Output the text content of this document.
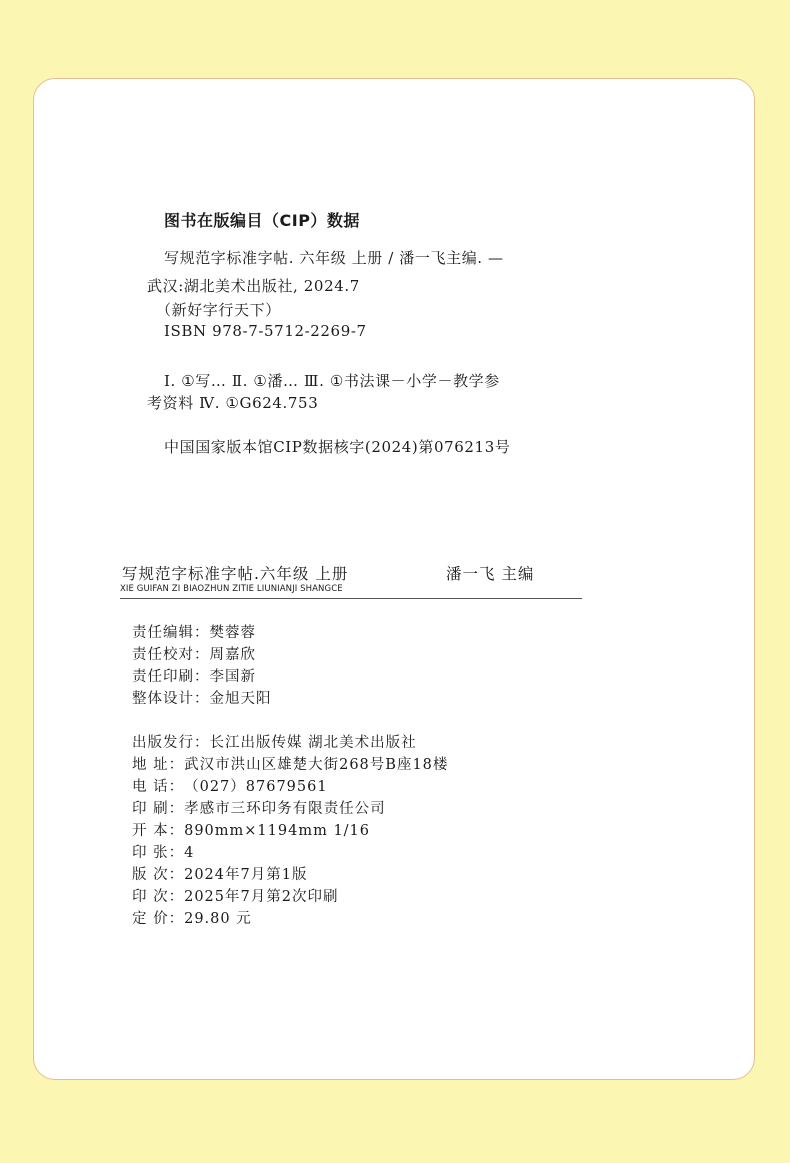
图书在版编目（CIP）数据
写规范字标准字帖. 六年级 上册 / 潘一飞主编. —
武汉:湖北美术出版社, 2024.7
（新好字行天下）
ISBN 978-7-5712-2269-7
Ⅰ. ①写… Ⅱ. ①潘… Ⅲ. ①书法课－小学－教学参
考资料 Ⅳ. ①G624.753
中国国家版本馆CIP数据核字(2024)第076213号
写规范字标准字帖.六年级 上册	潘一飞 主编
XIE GUIFAN ZI BIAOZHUN ZITIE LIUNIANJI SHANGCE
责任编辑：樊蓉蓉
责任校对：周嘉欣
责任印刷：李国新
整体设计：金旭天阳
出版发行：长江出版传媒 湖北美术出版社
地 址：武汉市洪山区雄楚大街268号B座18楼
电 话：（027）87679561
印 刷：孝感市三环印务有限责任公司
开 本：890mm×1194mm 1/16
印 张：4
版 次：2024年7月第1版
印 次：2025年7月第2次印刷
定 价：29.80 元
